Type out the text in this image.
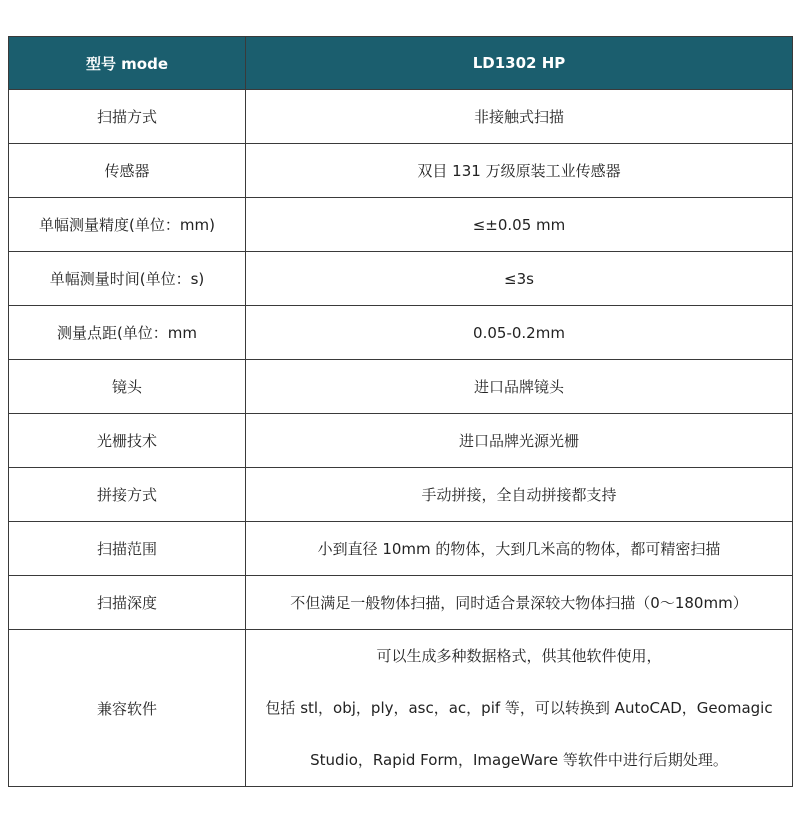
型号 mode	LD1302 HP
扫描方式	非接触式扫描
传感器	双目 131 万级原装工业传感器
单幅测量精度(单位：mm)	≤±0.05 mm
单幅测量时间(单位：s)	≤3s
测量点距(单位：mm	0.05-0.2mm
镜头	进口品牌镜头
光栅技术	进口品牌光源光栅
拼接方式	手动拼接，全自动拼接都支持
扫描范围	小到直径 10mm 的物体，大到几米高的物体，都可精密扫描
扫描深度	不但满足一般物体扫描，同时适合景深较大物体扫描（0～180mm）
兼容软件	可以生成多种数据格式，供其他软件使用，
包括 stl，obj，ply，asc，ac，pif 等，可以转换到 AutoCAD，Geomagic
Studio，Rapid Form，ImageWare 等软件中进行后期处理。
